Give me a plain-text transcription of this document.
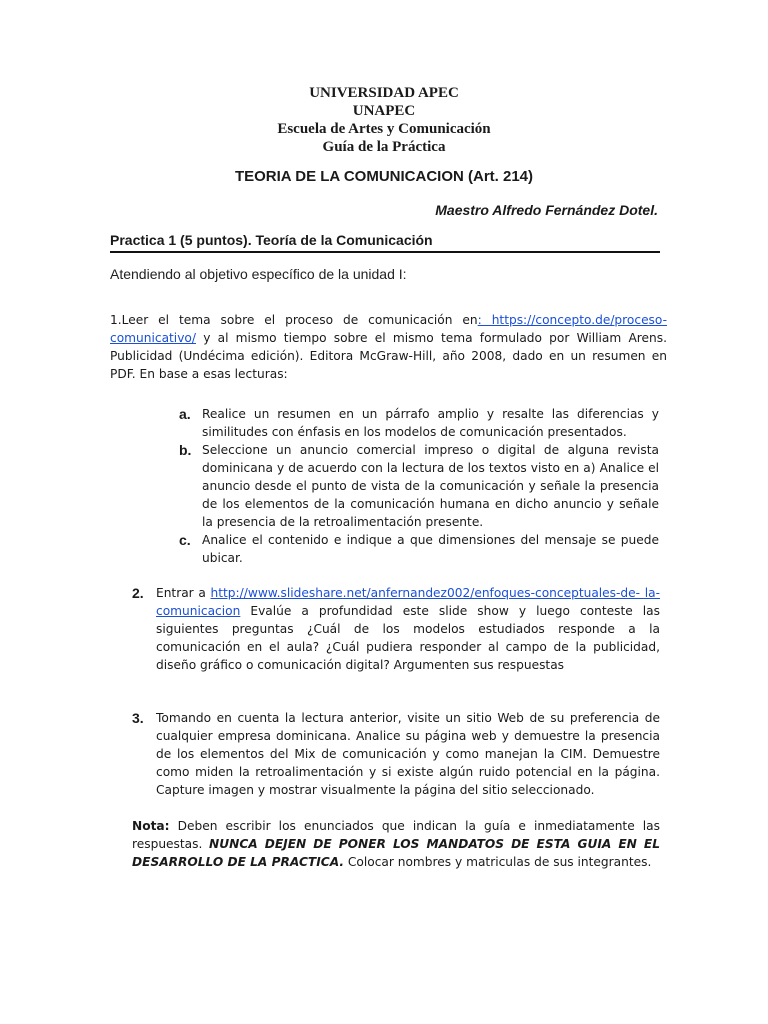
UNIVERSIDAD APEC
UNAPEC
Escuela de Artes y Comunicación
Guía de la Práctica
TEORIA DE LA COMUNICACION (Art. 214)
Maestro Alfredo Fernández Dotel.
Practica 1 (5 puntos). Teoría de la Comunicación
Atendiendo al objetivo específico de la unidad I:
1.Leer el tema sobre el proceso de comunicación en: https://concepto.de/proceso-comunicativo/ y al mismo tiempo sobre el mismo tema formulado por William Arens. Publicidad (Undécima edición). Editora McGraw-Hill, año 2008, dado en un resumen en PDF. En base a esas lecturas:
a. Realice un resumen en un párrafo amplio y resalte las diferencias y similitudes con énfasis en los modelos de comunicación presentados.
b. Seleccione un anuncio comercial impreso o digital de alguna revista dominicana y de acuerdo con la lectura de los textos visto en a) Analice el anuncio desde el punto de vista de la comunicación y señale la presencia de los elementos de la comunicación humana en dicho anuncio y señale la presencia de la retroalimentación presente.
c. Analice el contenido e indique a que dimensiones del mensaje se puede ubicar.
2.	Entrar a http://www.slideshare.net/anfernandez002/enfoques-conceptuales-de- la-comunicacion Evalúe a profundidad este slide show y luego conteste las siguientes preguntas ¿Cuál de los modelos estudiados responde a la comunicación en el aula? ¿Cuál pudiera responder al campo de la publicidad, diseño gráfico o comunicación digital? Argumenten sus respuestas
3.	Tomando en cuenta la lectura anterior, visite un sitio Web de su preferencia de cualquier empresa dominicana. Analice su página web y demuestre la presencia de los elementos del Mix de comunicación y como manejan la CIM. Demuestre como miden la retroalimentación y si existe algún ruido potencial en la página. Capture imagen y mostrar visualmente la página del sitio seleccionado.
Nota: Deben escribir los enunciados que indican la guía e inmediatamente las respuestas. NUNCA DEJEN DE PONER LOS MANDATOS DE ESTA GUIA EN EL DESARROLLO DE LA PRACTICA. Colocar nombres y matriculas de sus integrantes.
